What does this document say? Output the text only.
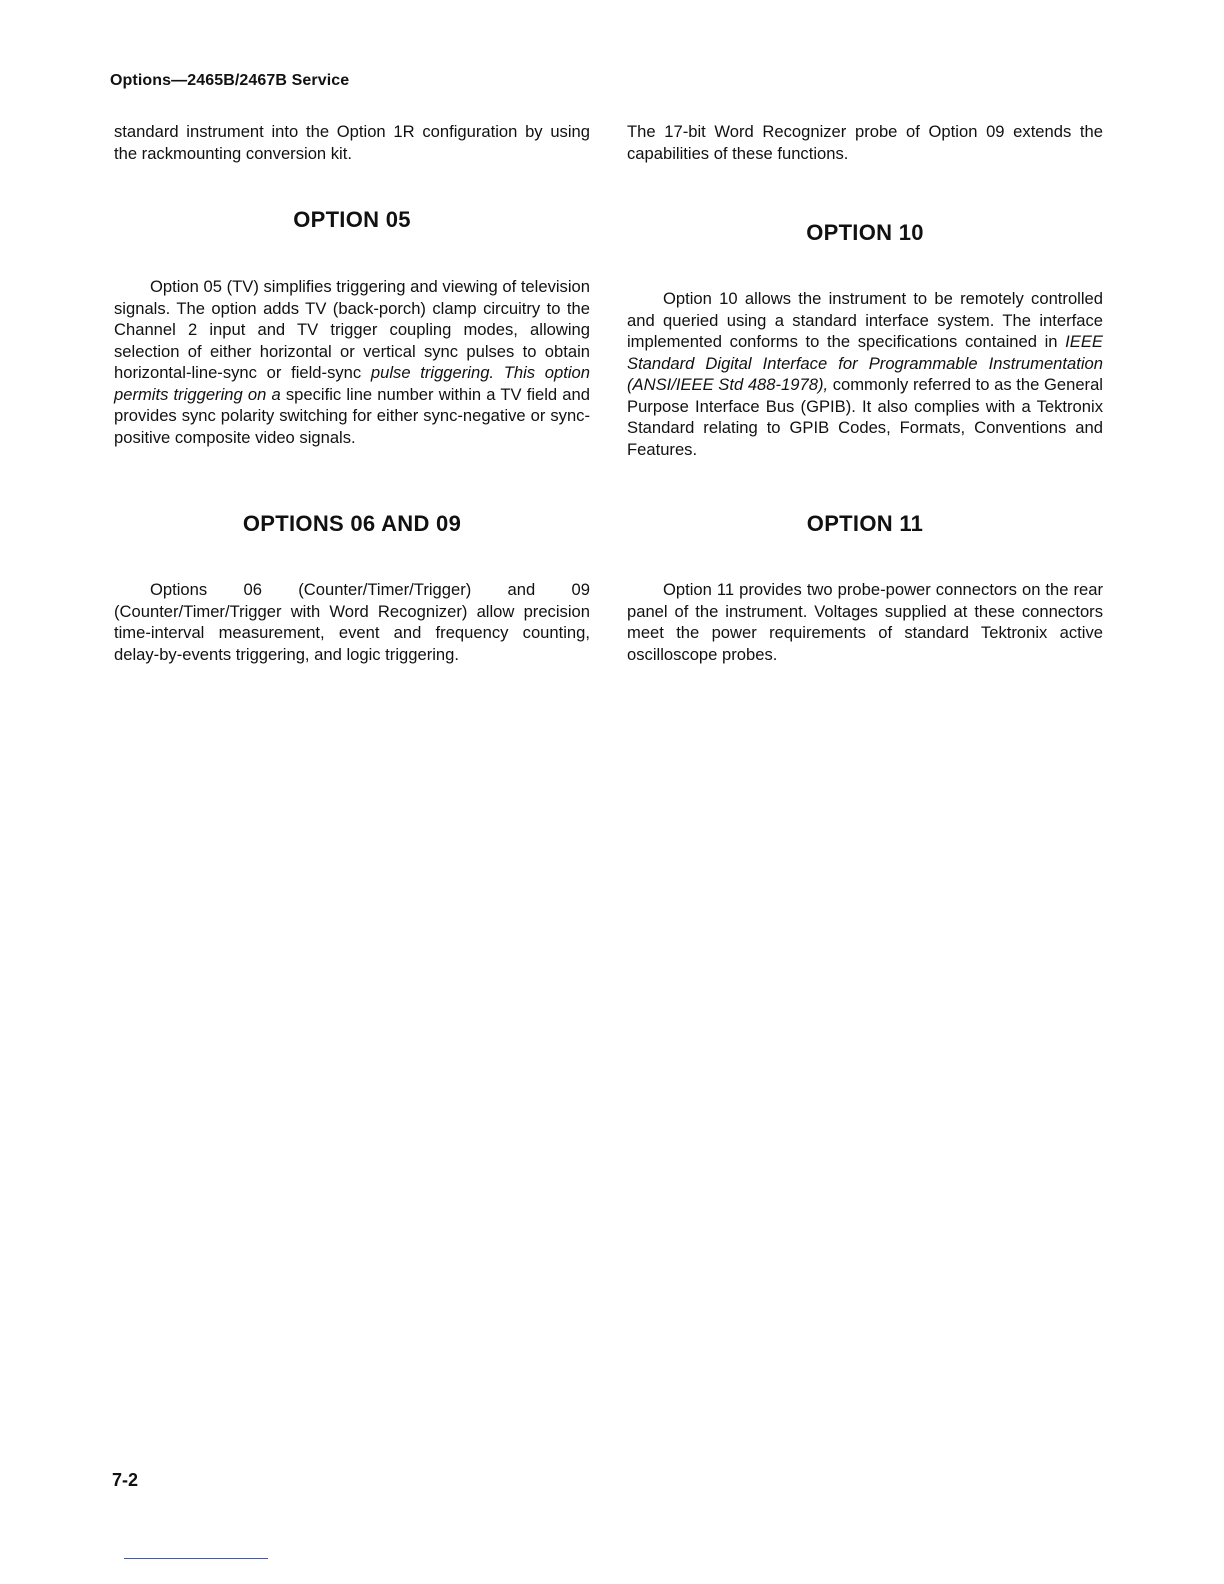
Options—2465B/2467B Service

standard instrument into the Option 1R configuration by using the rackmounting conversion kit.

OPTION 05

Option 05 (TV) simplifies triggering and viewing of television signals. The option adds TV (back-porch) clamp circuitry to the Channel 2 input and TV trigger coupling modes, allowing selection of either horizontal or vertical sync pulses to obtain horizontal-line-sync or field-sync pulse triggering. This option permits triggering on a specific line number within a TV field and provides sync polarity switching for either sync-negative or sync- positive composite video signals.

OPTIONS 06 AND 09

Options 06 (Counter/Timer/Trigger) and 09 (Counter/Timer/Trigger with Word Recognizer) allow precision time-interval measurement, event and frequency counting, delay-by-events triggering, and logic triggering.

The 17-bit Word Recognizer probe of Option 09 extends the capabilities of these functions.

OPTION 10

Option 10 allows the instrument to be remotely controlled and queried using a standard interface system. The interface implemented conforms to the specifications contained in IEEE Standard Digital Interface for Programmable Instrumentation (ANSI/IEEE Std 488-1978), commonly referred to as the General Purpose Interface Bus (GPIB). It also complies with a Tektronix Standard relating to GPIB Codes, Formats, Conventions and Features.

OPTION 11

Option 11 provides two probe-power connectors on the rear panel of the instrument. Voltages supplied at these connectors meet the power requirements of standard Tektronix active oscilloscope probes.

7-2
